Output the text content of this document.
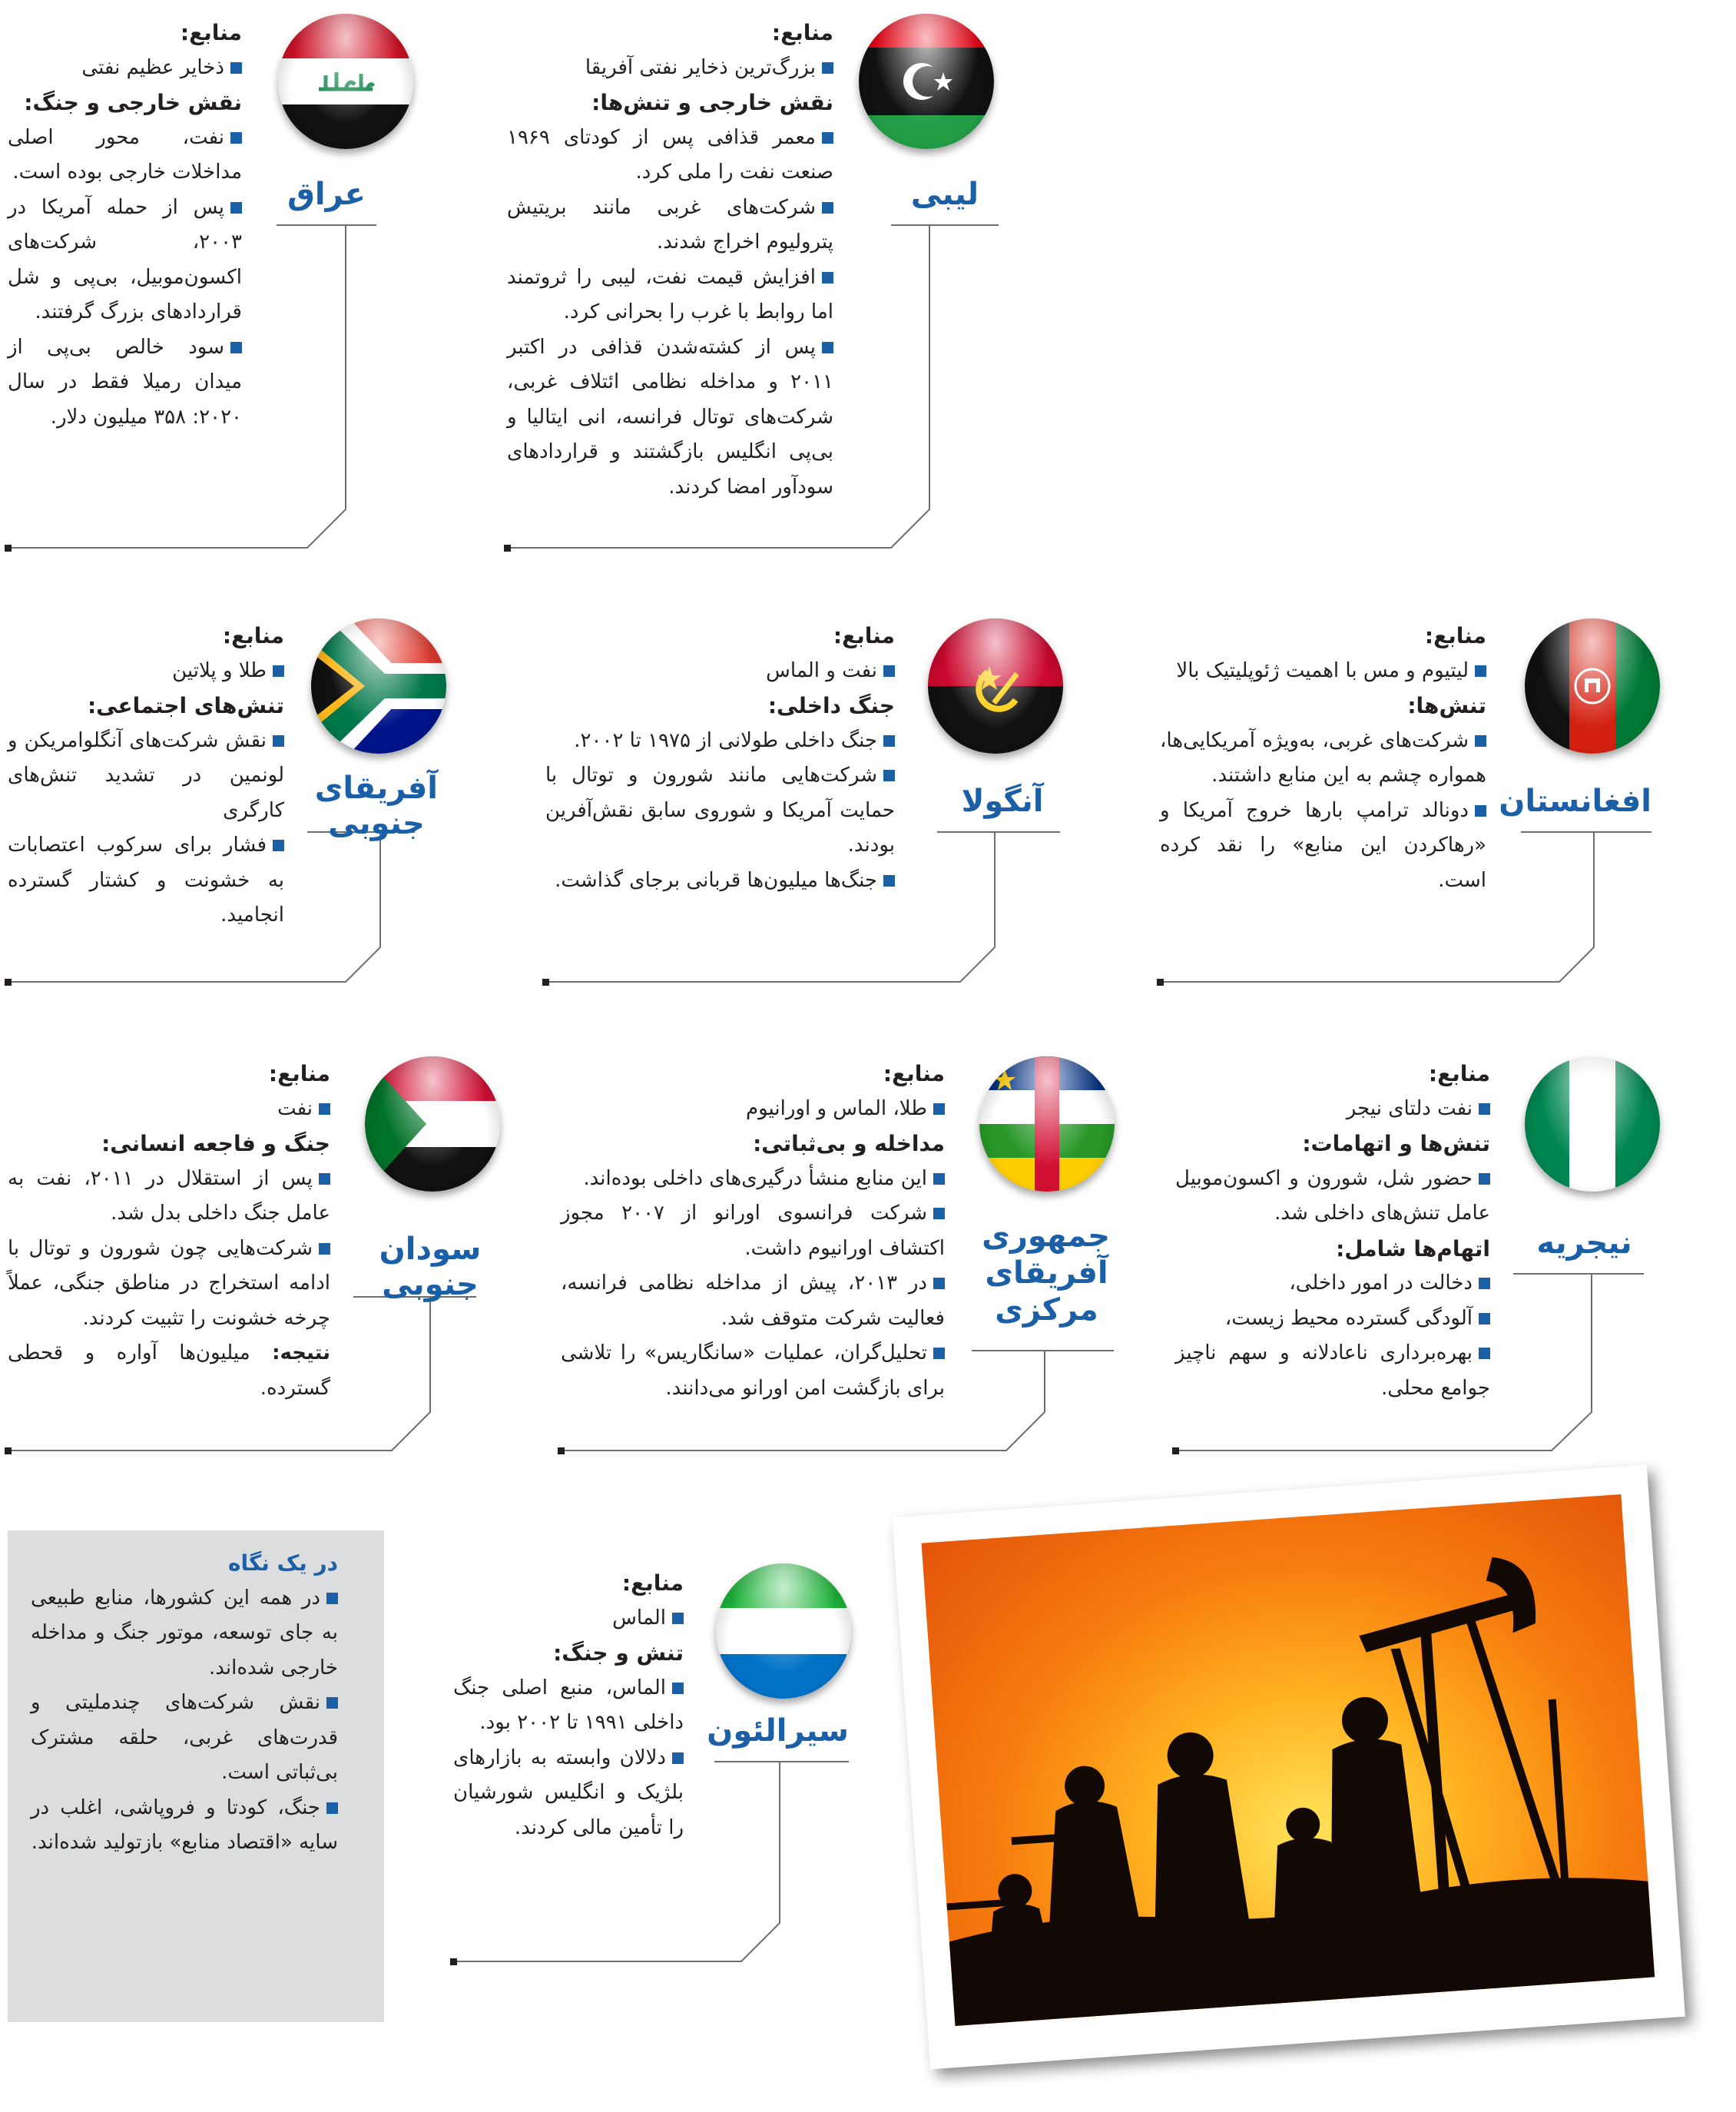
عراق
منابع:
ذخایر عظیم نفتی
نقش خارجی و جنگ:
نفت، محور اصلی مداخلات خارجی بوده است.
پس از حمله آمریکا در ۲۰۰۳، شرکت‌های اکسون‌موبیل، بی‌پی و شل قراردادهای بزرگ گرفتند.
سود خالص بی‌پی از میدان رمیلا فقط در سال ۲۰۲۰: ۳۵۸ میلیون دلار.
لیبی
منابع:
بزرگ‌ترین ذخایر نفتی آفریقا
نقش خارجی و تنش‌ها:
معمر قذافی پس از کودتای ۱۹۶۹ صنعت نفت را ملی کرد.
شرکت‌های غربی مانند بریتیش پترولیوم اخراج شدند.
افزایش قیمت نفت، لیبی را ثروتمند اما روابط با غرب را بحرانی کرد.
پس از کشته‌شدن قذافی در اکتبر ۲۰۱۱ و مداخله نظامی ائتلاف غربی، شرکت‌های توتال فرانسه، انی ایتالیا و بی‌پی انگلیس بازگشتند و قراردادهای سودآور امضا کردند.
آفریقای جنوبی
منابع:
طلا و پلاتین
تنش‌های اجتماعی:
نقش شرکت‌های آنگلوامریکن و لونمین در تشدید تنش‌های کارگری
فشار برای سرکوب اعتصابات به خشونت و کشتار گسترده انجامید.
آنگولا
منابع:
نفت و الماس
جنگ داخلی:
جنگ داخلی طولانی از ۱۹۷۵ تا ۲۰۰۲.
شرکت‌هایی مانند شورون و توتال با حمایت آمریکا و شوروی سابق نقش‌آفرین بودند.
جنگ‌ها میلیون‌ها قربانی برجای گذاشت.
افغانستان
منابع:
لیتیوم و مس با اهمیت ژئوپلیتیک بالا
تنش‌ها:
شرکت‌های غربی، به‌ویژه آمریکایی‌ها، همواره چشم به این منابع داشتند.
دونالد ترامپ بارها خروج آمریکا و «رهاکردن این منابع» را نقد کرده است.
سودان جنوبی
منابع:
نفت
جنگ و فاجعه انسانی:
پس از استقلال در ۲۰۱۱، نفت به عامل جنگ داخلی بدل شد.
شرکت‌هایی چون شورون و توتال با ادامه استخراج در مناطق جنگی، عملاً چرخه خشونت را تثبیت کردند.
نتیجه: میلیون‌ها آواره و قحطی گسترده.
جمهوری آفریقای مرکزی
منابع:
طلا، الماس و اورانیوم
مداخله و بی‌ثباتی:
این منابع منشأ درگیری‌های داخلی بوده‌اند.
شرکت فرانسوی اورانو از ۲۰۰۷ مجوز اکتشاف اورانیوم داشت.
در ۲۰۱۳، پیش از مداخله نظامی فرانسه، فعالیت شرکت متوقف شد.
تحلیل‌گران، عملیات «سانگاریس» را تلاشی برای بازگشت امن اورانو می‌دانند.
نیجریه
منابع:
نفت دلتای نیجر
تنش‌ها و اتهامات:
حضور شل، شورون و اکسون‌موبیل عامل تنش‌های داخلی شد.
اتهام‌ها شامل:
دخالت در امور داخلی،
آلودگی گسترده محیط زیست،
بهره‌برداری ناعادلانه و سهم ناچیز جوامع محلی.
سیرالئون
منابع:
الماس
تنش و جنگ:
الماس، منبع اصلی جنگ داخلی ۱۹۹۱ تا ۲۰۰۲ بود.
دلالان وابسته به بازارهای بلژیک و انگلیس شورشیان را تأمین مالی کردند.
در یک نگاه
در همه این کشورها، منابع طبیعی به جای توسعه، موتور جنگ و مداخله خارجی شده‌اند.
نقش شرکت‌های چندملیتی و قدرت‌های غربی، حلقه مشترک بی‌ثباتی است.
جنگ، کودتا و فروپاشی، اغلب در سایه «اقتصاد منابع» بازتولید شده‌اند.
